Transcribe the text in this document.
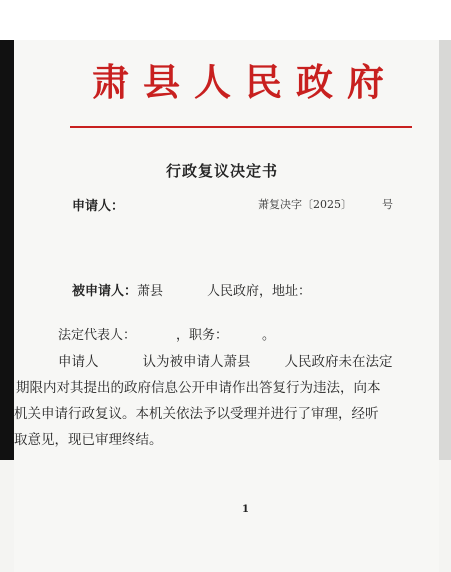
肃县人民政府
行政复议决定书
萧复决字〔2025〕	号
申请人：
被申请人：萧县	人民政府，地址：
法定代表人：	，职务：	。
申请人	认为被申请人萧县	人民政府未在法定
期限内对其提出的政府信息公开申请作出答复行为违法，向本
机关申请行政复议。本机关依法予以受理并进行了审理，经听
取意见，现已审理终结。
1
